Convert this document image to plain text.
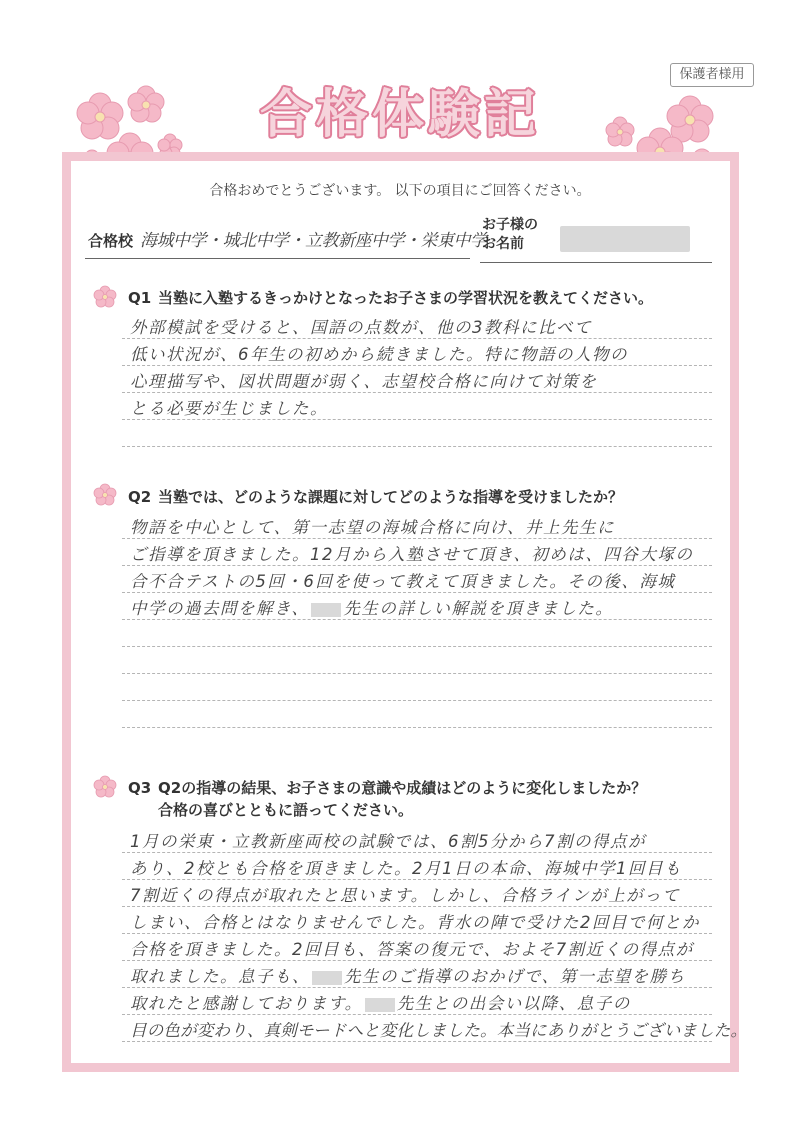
保護者様用
合格体験記
合格おめでとうございます。 以下の項目にご回答ください。
合格校 海城中学・城北中学・立教新座中学・栄東中学
お子様の
お名前
Q1 当塾に入塾するきっかけとなったお子さまの学習状況を教えてください。
外部模試を受けると、国語の点数が、他の3教科に比べて
低い状況が、6年生の初めから続きました。特に物語の人物の
心理描写や、図状問題が弱く、志望校合格に向けて対策を
とる必要が生じました。
Q2 当塾では、どのような課題に対してどのような指導を受けましたか？
物語を中心として、第一志望の海城合格に向け、井上先生に
ご指導を頂きました。12月から入塾させて頂き、初めは、四谷大塚の
合不合テストの5回・6回を使って教えて頂きました。その後、海城
中学の過去問を解き、 先生の詳しい解説を頂きました。
Q3 Q2の指導の結果、お子さまの意識や成績はどのように変化しましたか？
合格の喜びとともに語ってください。
1月の栄東・立教新座両校の試験では、6割5分から7割の得点が
あり、2校とも合格を頂きました。2月1日の本命、海城中学1回目も
7割近くの得点が取れたと思います。しかし、合格ラインが上がって
しまい、合格とはなりませんでした。背水の陣で受けた2回目で何とか
合格を頂きました。2回目も、答案の復元で、およそ7割近くの得点が
取れました。息子も、 先生のご指導のおかげで、第一志望を勝ち
取れたと感謝しております。 先生との出会い以降、息子の
目の色が変わり、真剣モードへと変化しました。本当にありがとうございました。
